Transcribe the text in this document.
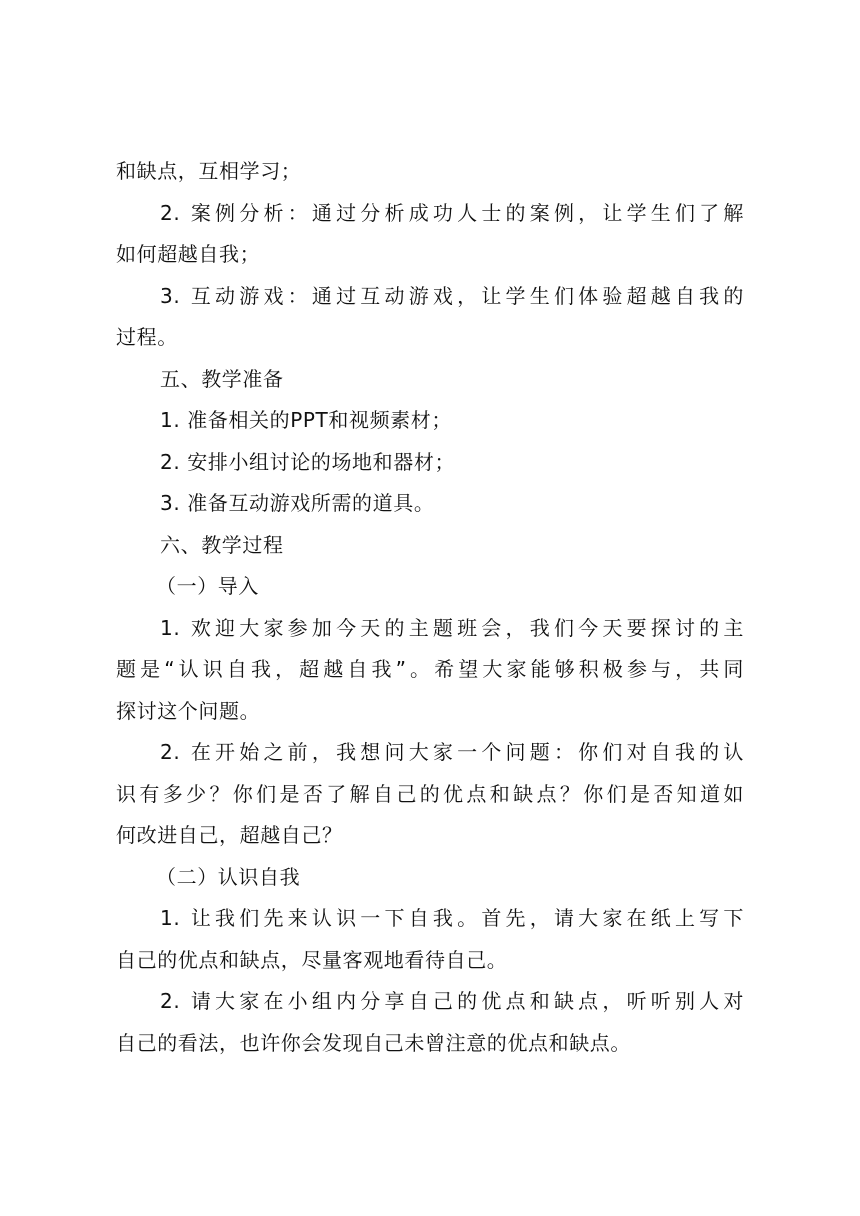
和缺点，互相学习；
2. 案例分析：通过分析成功人士的案例，让学生们了解
如何超越自我；
3. 互动游戏：通过互动游戏，让学生们体验超越自我的
过程。
五、教学准备
1. 准备相关的PPT和视频素材；
2. 安排小组讨论的场地和器材；
3. 准备互动游戏所需的道具。
六、教学过程
（一）导入
1. 欢迎大家参加今天的主题班会，我们今天要探讨的主
题是“认识自我，超越自我”。希望大家能够积极参与，共同
探讨这个问题。
2. 在开始之前，我想问大家一个问题：你们对自我的认
识有多少？你们是否了解自己的优点和缺点？你们是否知道如
何改进自己，超越自己？
（二）认识自我
1. 让我们先来认识一下自我。首先，请大家在纸上写下
自己的优点和缺点，尽量客观地看待自己。
2. 请大家在小组内分享自己的优点和缺点，听听别人对
自己的看法，也许你会发现自己未曾注意的优点和缺点。
